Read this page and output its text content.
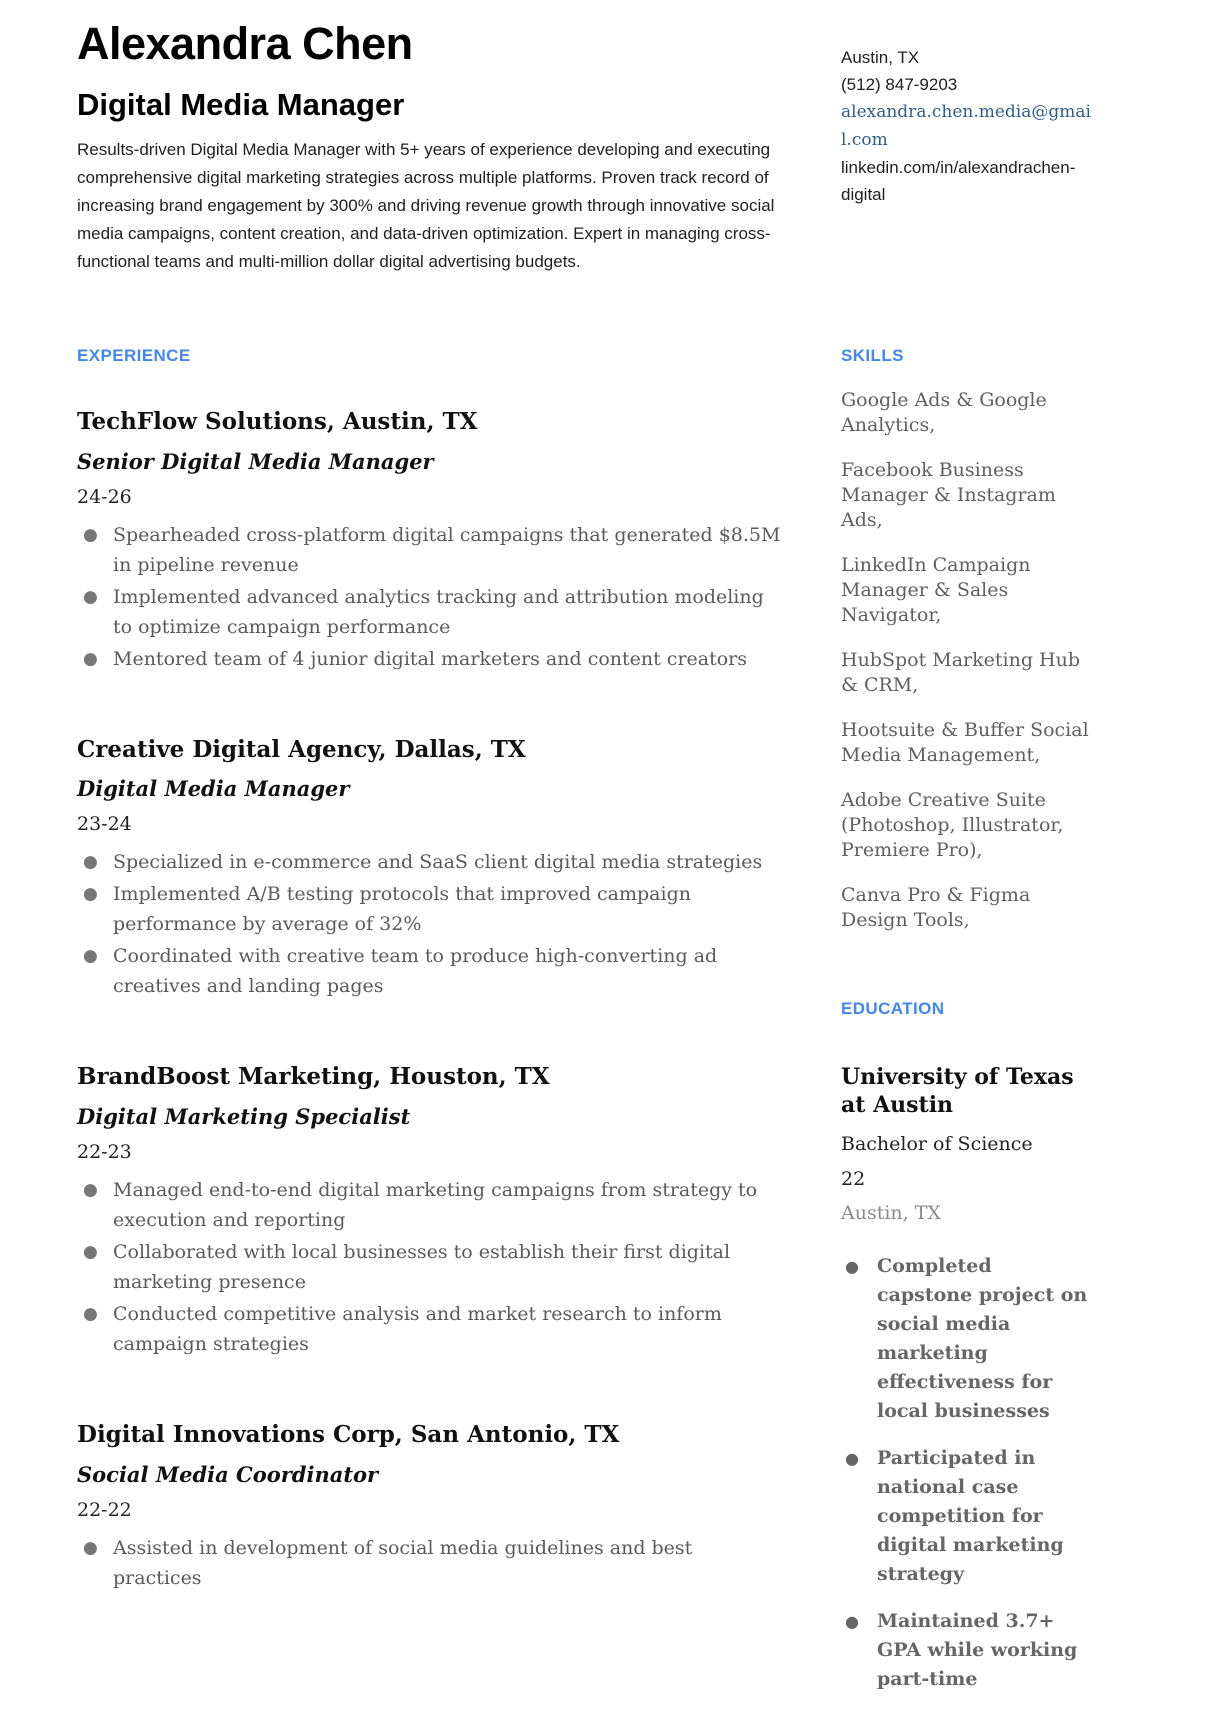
Alexandra Chen
Digital Media Manager

Results-driven Digital Media Manager with 5+ years of experience developing and executing comprehensive digital marketing strategies across multiple platforms. Proven track record of increasing brand engagement by 300% and driving revenue growth through innovative social media campaigns, content creation, and data-driven optimization. Expert in managing cross-functional teams and multi-million dollar digital advertising budgets.

Austin, TX
(512) 847-9203
alexandra.chen.media@gmail.com
linkedin.com/in/alexandrachen-digital
EXPERIENCE
TechFlow Solutions, Austin, TX
Senior Digital Media Manager
24-26
● Spearheaded cross-platform digital campaigns that generated $8.5M in pipeline revenue
● Implemented advanced analytics tracking and attribution modeling to optimize campaign performance
● Mentored team of 4 junior digital marketers and content creators
Creative Digital Agency, Dallas, TX
Digital Media Manager
23-24
● Specialized in e-commerce and SaaS client digital media strategies
● Implemented A/B testing protocols that improved campaign performance by average of 32%
● Coordinated with creative team to produce high-converting ad creatives and landing pages
BrandBoost Marketing, Houston, TX
Digital Marketing Specialist
22-23
● Managed end-to-end digital marketing campaigns from strategy to execution and reporting
● Collaborated with local businesses to establish their first digital marketing presence
● Conducted competitive analysis and market research to inform campaign strategies
Digital Innovations Corp, San Antonio, TX
Social Media Coordinator
22-22
● Assisted in development of social media guidelines and best practices
SKILLS
Google Ads & Google Analytics,
Facebook Business Manager & Instagram Ads,
LinkedIn Campaign Manager & Sales Navigator,
HubSpot Marketing Hub & CRM,
Hootsuite & Buffer Social Media Management,
Adobe Creative Suite (Photoshop, Illustrator, Premiere Pro),
Canva Pro & Figma Design Tools,
EDUCATION
University of Texas at Austin
Bachelor of Science
22
Austin, TX
● Completed capstone project on social media marketing effectiveness for local businesses
● Participated in national case competition for digital marketing strategy
● Maintained 3.7+ GPA while working part-time
